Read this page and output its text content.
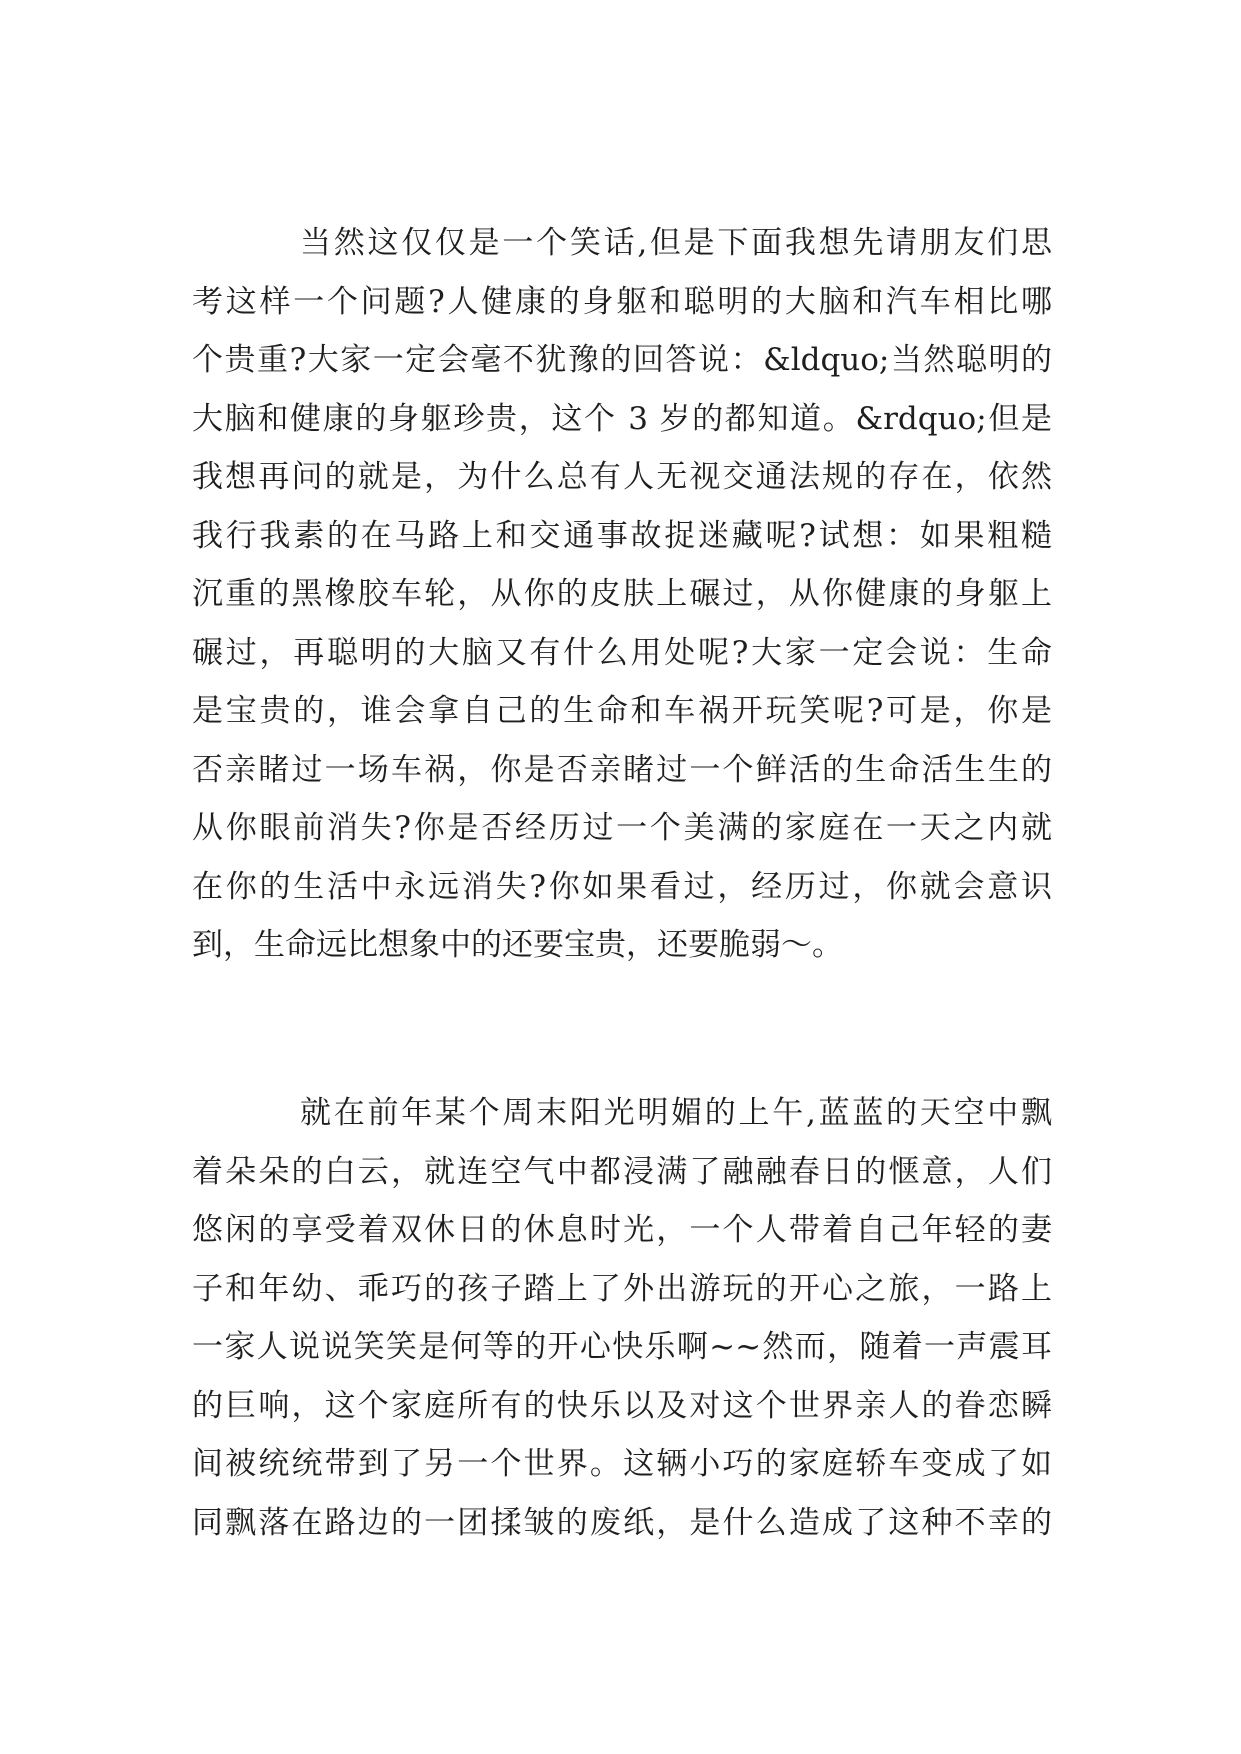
当然这仅仅是一个笑话,但是下面我想先请朋友们思
考这样一个问题?人健康的身躯和聪明的大脑和汽车相比哪
个贵重?大家一定会毫不犹豫的回答说：&ldquo;当然聪明的
大脑和健康的身躯珍贵，这个 3 岁的都知道。&rdquo;但是
我想再问的就是，为什么总有人无视交通法规的存在，依然
我行我素的在马路上和交通事故捉迷藏呢?试想：如果粗糙
沉重的黑橡胶车轮，从你的皮肤上碾过，从你健康的身躯上
碾过，再聪明的大脑又有什么用处呢?大家一定会说：生命
是宝贵的，谁会拿自己的生命和车祸开玩笑呢?可是，你是
否亲睹过一场车祸，你是否亲睹过一个鲜活的生命活生生的
从你眼前消失?你是否经历过一个美满的家庭在一天之内就
在你的生活中永远消失?你如果看过，经历过，你就会意识
到，生命远比想象中的还要宝贵，还要脆弱～。

就在前年某个周末阳光明媚的上午,蓝蓝的天空中飘
着朵朵的白云，就连空气中都浸满了融融春日的惬意，人们
悠闲的享受着双休日的休息时光，一个人带着自己年轻的妻
子和年幼、乖巧的孩子踏上了外出游玩的开心之旅，一路上
一家人说说笑笑是何等的开心快乐啊~~然而，随着一声震耳
的巨响，这个家庭所有的快乐以及对这个世界亲人的眷恋瞬
间被统统带到了另一个世界。这辆小巧的家庭轿车变成了如
同飘落在路边的一团揉皱的废纸，是什么造成了这种不幸的
